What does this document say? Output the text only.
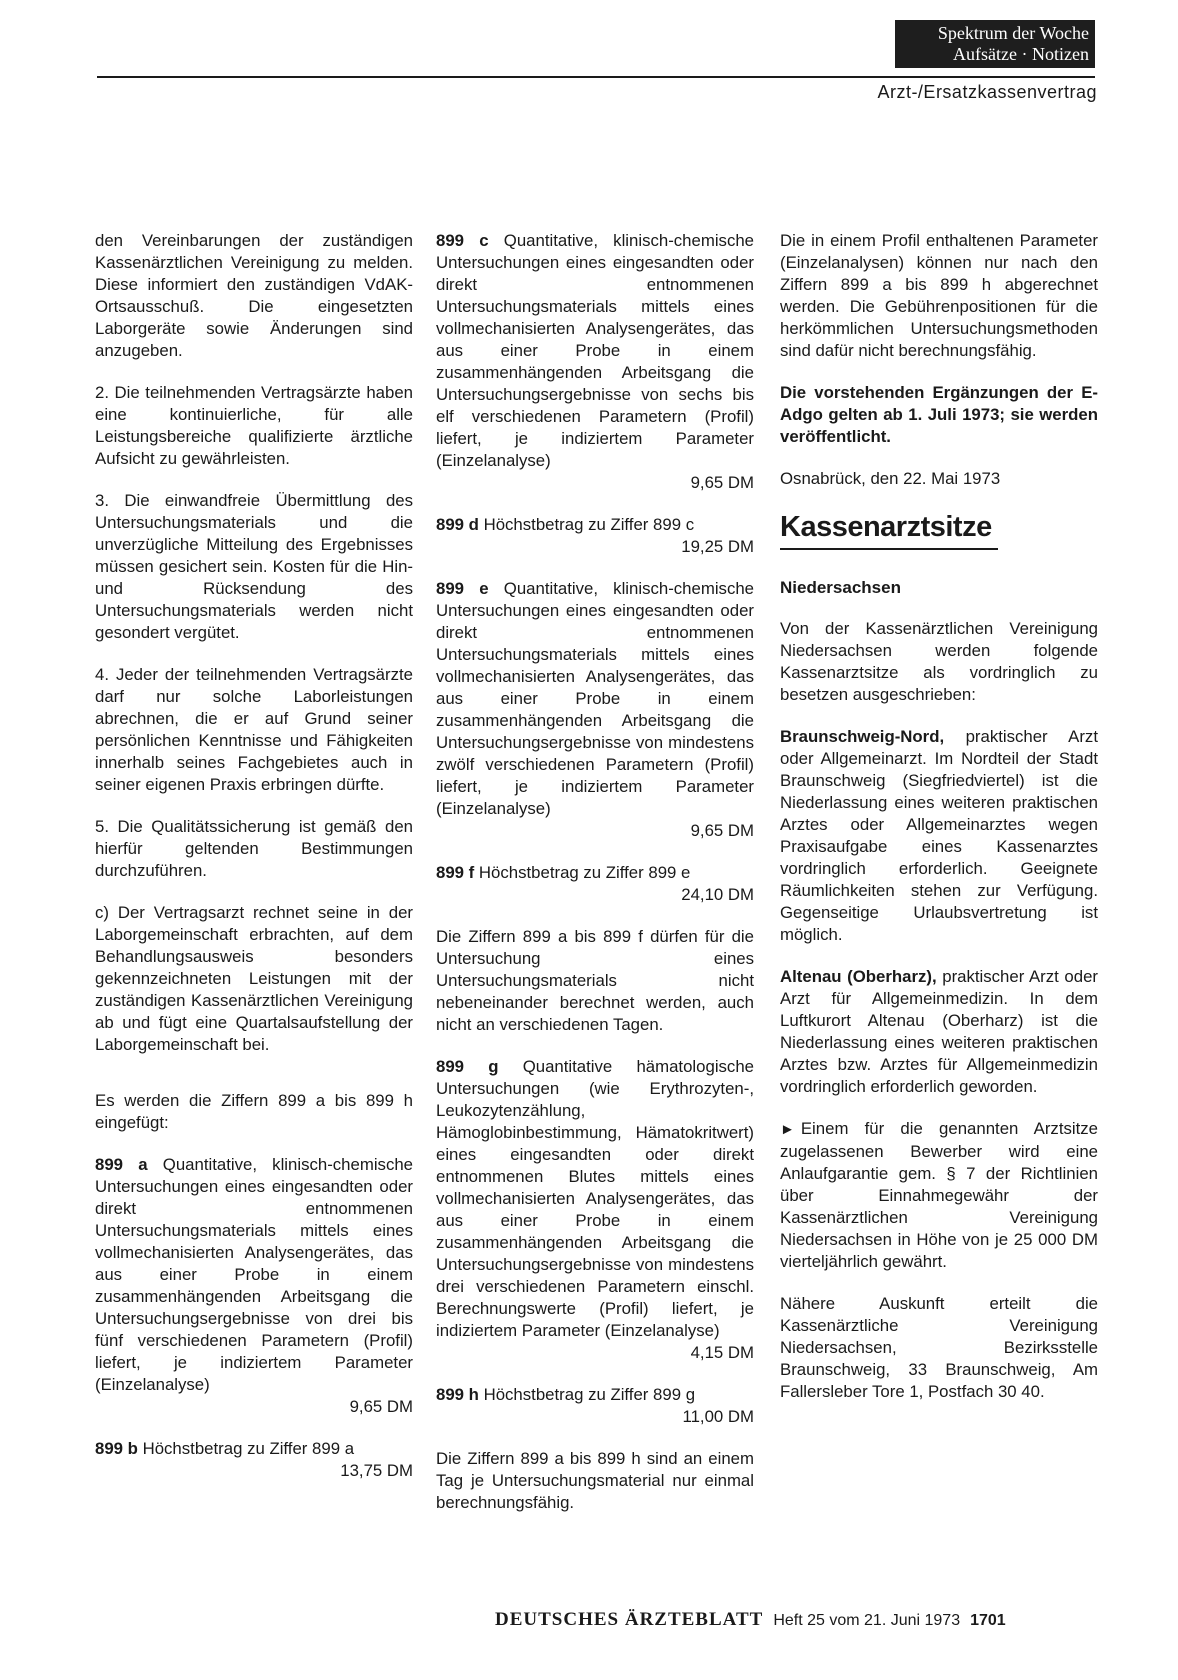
Spektrum der Woche
Aufsätze · Notizen
Arzt-/Ersatzkassenvertrag

den Vereinbarungen der zuständigen Kassenärztlichen Vereinigung zu melden. Diese informiert den zuständigen VdAK-Ortsausschuß. Die eingesetzten Laborgeräte sowie Änderungen sind anzugeben.

2. Die teilnehmenden Vertragsärzte haben eine kontinuierliche, für alle Leistungsbereiche qualifizierte ärztliche Aufsicht zu gewährleisten.

3. Die einwandfreie Übermittlung des Untersuchungsmaterials und die unverzügliche Mitteilung des Ergebnisses müssen gesichert sein. Kosten für die Hin- und Rücksendung des Untersuchungsmaterials werden nicht gesondert vergütet.

4. Jeder der teilnehmenden Vertragsärzte darf nur solche Laborleistungen abrechnen, die er auf Grund seiner persönlichen Kenntnisse und Fähigkeiten innerhalb seines Fachgebietes auch in seiner eigenen Praxis erbringen dürfte.

5. Die Qualitätssicherung ist gemäß den hierfür geltenden Bestimmungen durchzuführen.

c) Der Vertragsarzt rechnet seine in der Laborgemeinschaft erbrachten, auf dem Behandlungsausweis besonders gekennzeichneten Leistungen mit der zuständigen Kassenärztlichen Vereinigung ab und fügt eine Quartalsaufstellung der Laborgemeinschaft bei.

Es werden die Ziffern 899 a bis 899 h eingefügt:

899 a Quantitative, klinisch-chemische Untersuchungen eines eingesandten oder direkt entnommenen Untersuchungsmaterials mittels eines vollmechanisierten Analysengerätes, das aus einer Probe in einem zusammenhängenden Arbeitsgang die Untersuchungsergebnisse von drei bis fünf verschiedenen Parametern (Profil) liefert, je indiziertem Parameter (Einzelanalyse)
9,65 DM

899 b Höchstbetrag zu Ziffer 899 a
13,75 DM

899 c Quantitative, klinisch-chemische Untersuchungen eines eingesandten oder direkt entnommenen Untersuchungsmaterials mittels eines vollmechanisierten Analysengerätes, das aus einer Probe in einem zusammenhängenden Arbeitsgang die Untersuchungsergebnisse von sechs bis elf verschiedenen Parametern (Profil) liefert, je indiziertem Parameter (Einzelanalyse)
9,65 DM

899 d Höchstbetrag zu Ziffer 899 c
19,25 DM

899 e Quantitative, klinisch-chemische Untersuchungen eines eingesandten oder direkt entnommenen Untersuchungsmaterials mittels eines vollmechanisierten Analysengerätes, das aus einer Probe in einem zusammenhängenden Arbeitsgang die Untersuchungsergebnisse von mindestens zwölf verschiedenen Parametern (Profil) liefert, je indiziertem Parameter (Einzelanalyse)
9,65 DM

899 f Höchstbetrag zu Ziffer 899 e
24,10 DM

Die Ziffern 899 a bis 899 f dürfen für die Untersuchung eines Untersuchungsmaterials nicht nebeneinander berechnet werden, auch nicht an verschiedenen Tagen.

899 g Quantitative hämatologische Untersuchungen (wie Erythrozyten-, Leukozytenzählung, Hämoglobinbestimmung, Hämatokritwert) eines eingesandten oder direkt entnommenen Blutes mittels eines vollmechanisierten Analysengerätes, das aus einer Probe in einem zusammenhängenden Arbeitsgang die Untersuchungsergebnisse von mindestens drei verschiedenen Parametern einschl. Berechnungswerte (Profil) liefert, je indiziertem Parameter (Einzelanalyse)
4,15 DM

899 h Höchstbetrag zu Ziffer 899 g
11,00 DM

Die Ziffern 899 a bis 899 h sind an einem Tag je Untersuchungsmaterial nur einmal berechnungsfähig.

Die in einem Profil enthaltenen Parameter (Einzelanalysen) können nur nach den Ziffern 899 a bis 899 h abgerechnet werden. Die Gebührenpositionen für die herkömmlichen Untersuchungsmethoden sind dafür nicht berechnungsfähig.

Die vorstehenden Ergänzungen der E-Adgo gelten ab 1. Juli 1973; sie werden veröffentlicht.

Osnabrück, den 22. Mai 1973

Kassenarztsitze
Niedersachsen

Von der Kassenärztlichen Vereinigung Niedersachsen werden folgende Kassenarztsitze als vordringlich zu besetzen ausgeschrieben:

Braunschweig-Nord, praktischer Arzt oder Allgemeinarzt. Im Nordteil der Stadt Braunschweig (Siegfriedviertel) ist die Niederlassung eines weiteren praktischen Arztes oder Allgemeinarztes wegen Praxisaufgabe eines Kassenarztes vordringlich erforderlich. Geeignete Räumlichkeiten stehen zur Verfügung. Gegenseitige Urlaubsvertretung ist möglich.

Altenau (Oberharz), praktischer Arzt oder Arzt für Allgemeinmedizin. In dem Luftkurort Altenau (Oberharz) ist die Niederlassung eines weiteren praktischen Arztes bzw. Arztes für Allgemeinmedizin vordringlich erforderlich geworden.

► Einem für die genannten Arztsitze zugelassenen Bewerber wird eine Anlaufgarantie gem. § 7 der Richtlinien über Einnahmegewähr der Kassenärztlichen Vereinigung Niedersachsen in Höhe von je 25 000 DM vierteljährlich gewährt.

Nähere Auskunft erteilt die Kassenärztliche Vereinigung Niedersachsen, Bezirksstelle Braunschweig, 33 Braunschweig, Am Fallersleber Tore 1, Postfach 30 40.

DEUTSCHES ÄRZTEBLATT Heft 25 vom 21. Juni 1973 1701
